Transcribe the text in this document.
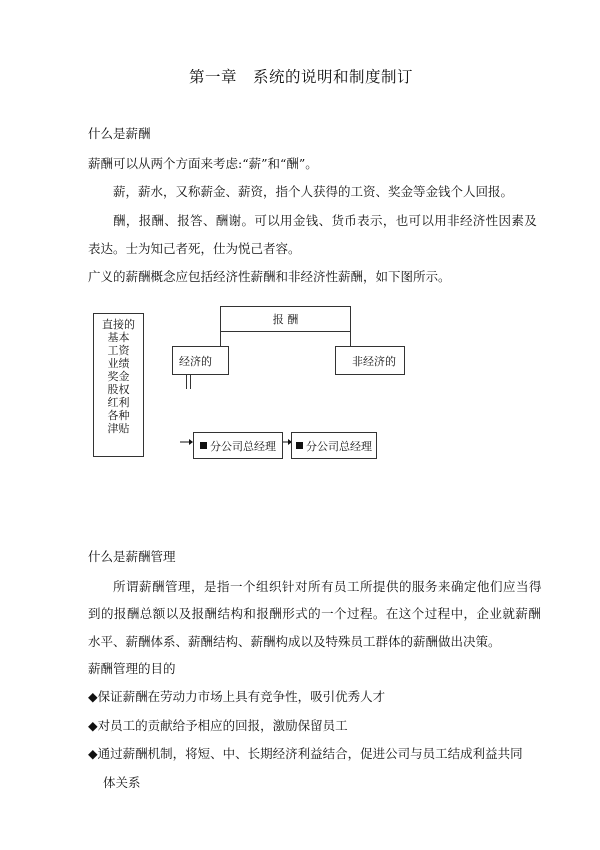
第一章　系统的说明和制度制订
什么是薪酬
薪酬可以从两个方面来考虑:“薪”和“酬”。
薪，薪水，又称薪金、薪资，指个人获得的工资、奖金等金钱个人回报。
酬，报酬、报答、酬谢。可以用金钱、货币表示，也可以用非经济性因素及
表达。士为知己者死，仕为悦己者容。
广义的薪酬概念应包括经济性薪酬和非经济性薪酬，如下图所示。
直接的
基本
工资
业绩
奖金
股权
红利
各种
津贴
报 酬
经济的	非经济的
分公司总经理	分公司总经理
什么是薪酬管理
所谓薪酬管理，是指一个组织针对所有员工所提供的服务来确定他们应当得
到的报酬总额以及报酬结构和报酬形式的一个过程。在这个过程中，企业就薪酬
水平、薪酬体系、薪酬结构、薪酬构成以及特殊员工群体的薪酬做出决策。
薪酬管理的目的
◆保证薪酬在劳动力市场上具有竞争性，吸引优秀人才
◆对员工的贡献给予相应的回报，激励保留员工
◆通过薪酬机制，将短、中、长期经济利益结合，促进公司与员工结成利益共同
体关系
